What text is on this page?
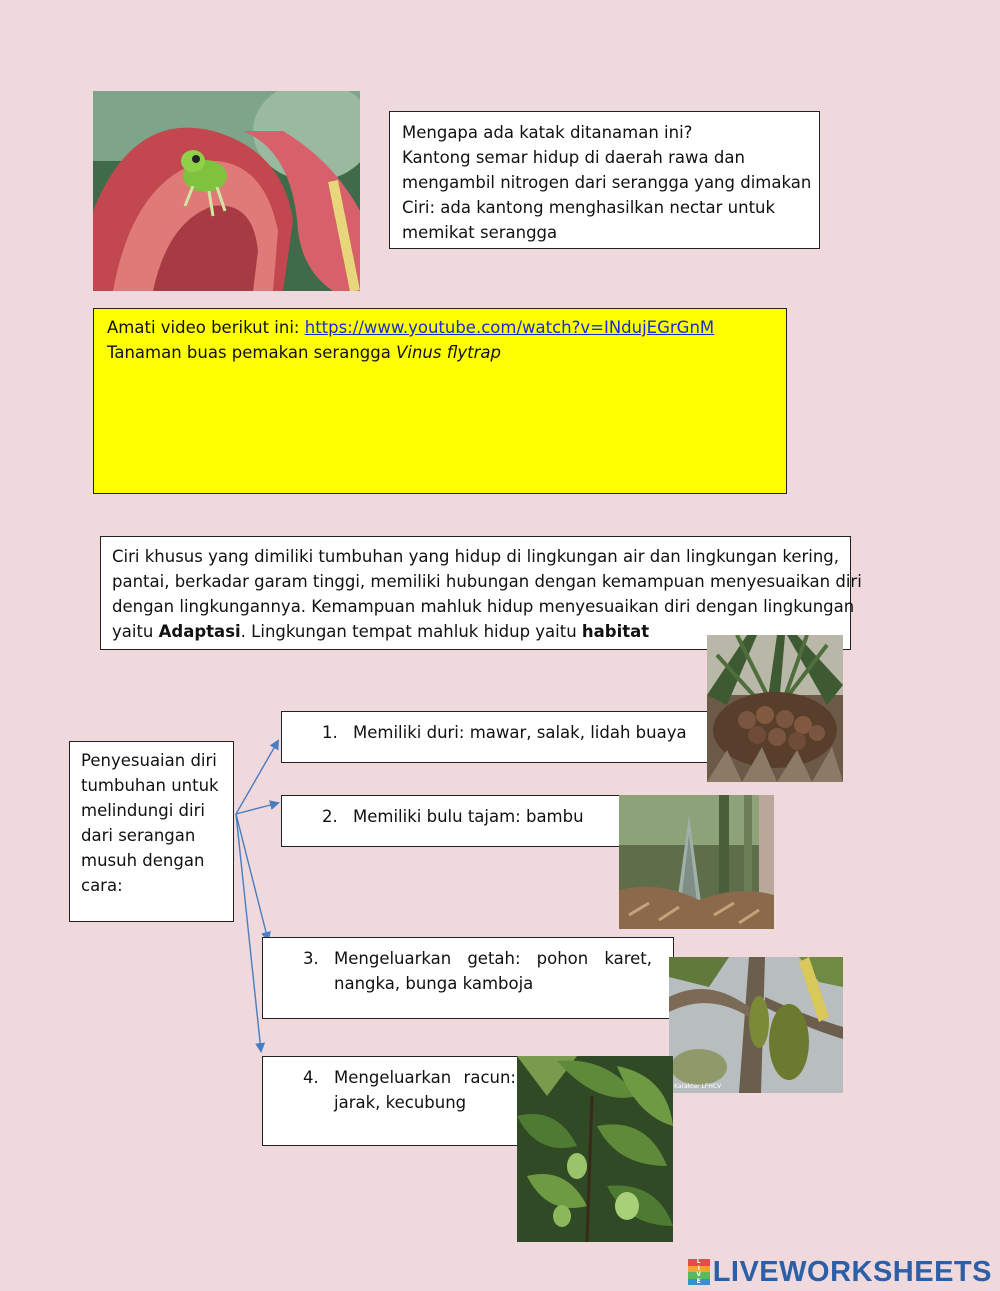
Mengapa ada katak ditanaman ini?
Kantong semar hidup di daerah rawa dan
mengambil nitrogen dari serangga yang dimakan
Ciri: ada kantong menghasilkan nectar untuk
memikat serangga
Amati video berikut ini: https://www.youtube.com/watch?v=INdujEGrGnM
Tanaman buas pemakan serangga Vinus flytrap
Ciri khusus yang dimiliki tumbuhan yang hidup di lingkungan air dan lingkungan kering,
pantai, berkadar garam tinggi, memiliki hubungan dengan kemampuan menyesuaikan diri
dengan lingkungannya. Kemampuan mahluk hidup menyesuaikan diri dengan lingkungan
yaitu Adaptasi. Lingkungan tempat mahluk hidup yaitu habitat
Penyesuaian diri
tumbuhan untuk
melindungi diri
dari serangan
musuh dengan
cara:
1. Memiliki duri: mawar, salak, lidah buaya
2. Memiliki bulu tajam: bambu
3. Mengeluarkan getah: pohon karet,
nangka, bunga kamboja
4. Mengeluarkan racun:
jarak, kecubung
Karakter LFHCV
L
I
V
E LIVEWORKSHEETS
